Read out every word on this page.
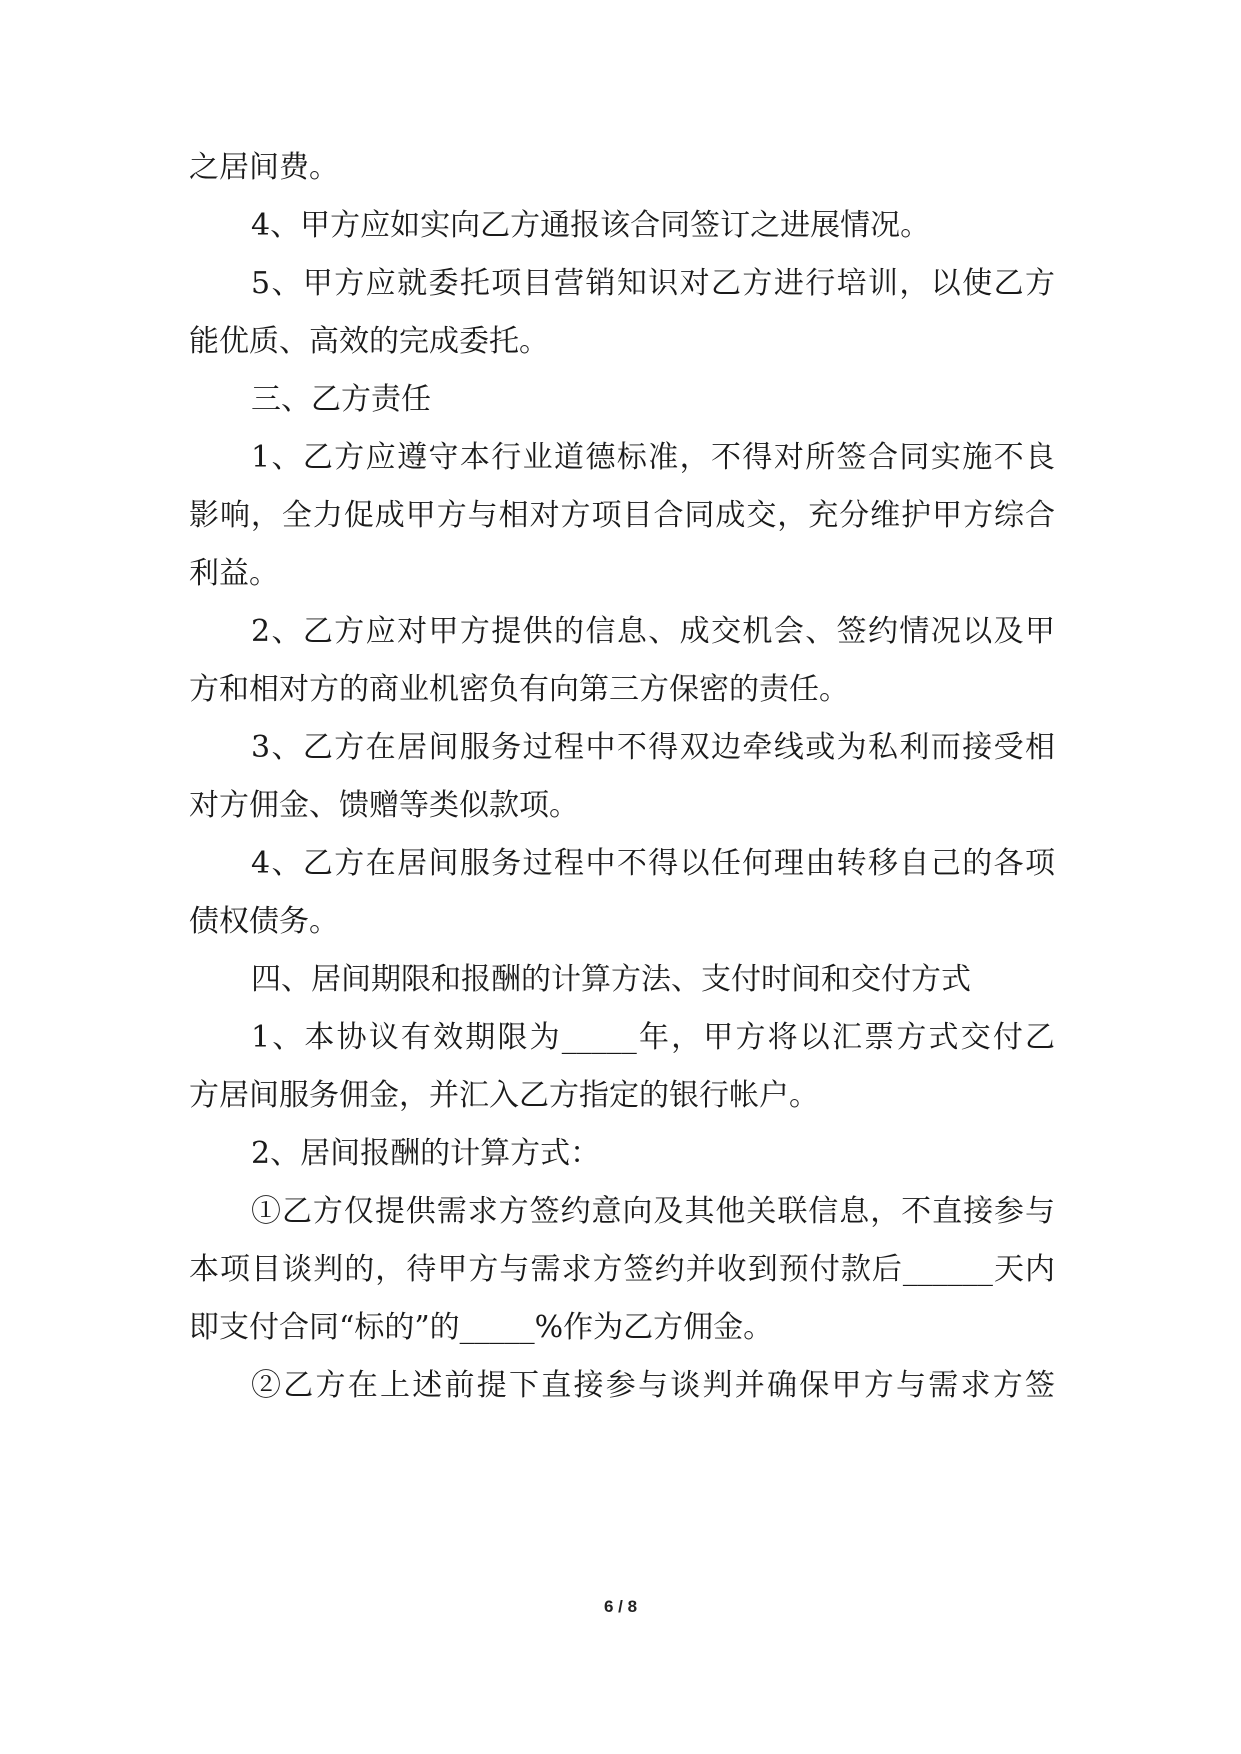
之居间费。
4、甲方应如实向乙方通报该合同签订之进展情况。
5、甲方应就委托项目营销知识对乙方进行培训，以使乙方
能优质、高效的完成委托。
三、乙方责任
1、乙方应遵守本行业道德标准，不得对所签合同实施不良
影响，全力促成甲方与相对方项目合同成交，充分维护甲方综合
利益。
2、乙方应对甲方提供的信息、成交机会、签约情况以及甲
方和相对方的商业机密负有向第三方保密的责任。
3、乙方在居间服务过程中不得双边牵线或为私利而接受相
对方佣金、馈赠等类似款项。
4、乙方在居间服务过程中不得以任何理由转移自己的各项
债权债务。
四、居间期限和报酬的计算方法、支付时间和交付方式
1、本协议有效期限为_____年，甲方将以汇票方式交付乙
方居间服务佣金，并汇入乙方指定的银行帐户。
2、居间报酬的计算方式：
①乙方仅提供需求方签约意向及其他关联信息，不直接参与
本项目谈判的，待甲方与需求方签约并收到预付款后______天内
即支付合同“标的”的_____%作为乙方佣金。
②乙方在上述前提下直接参与谈判并确保甲方与需求方签
6 / 8
